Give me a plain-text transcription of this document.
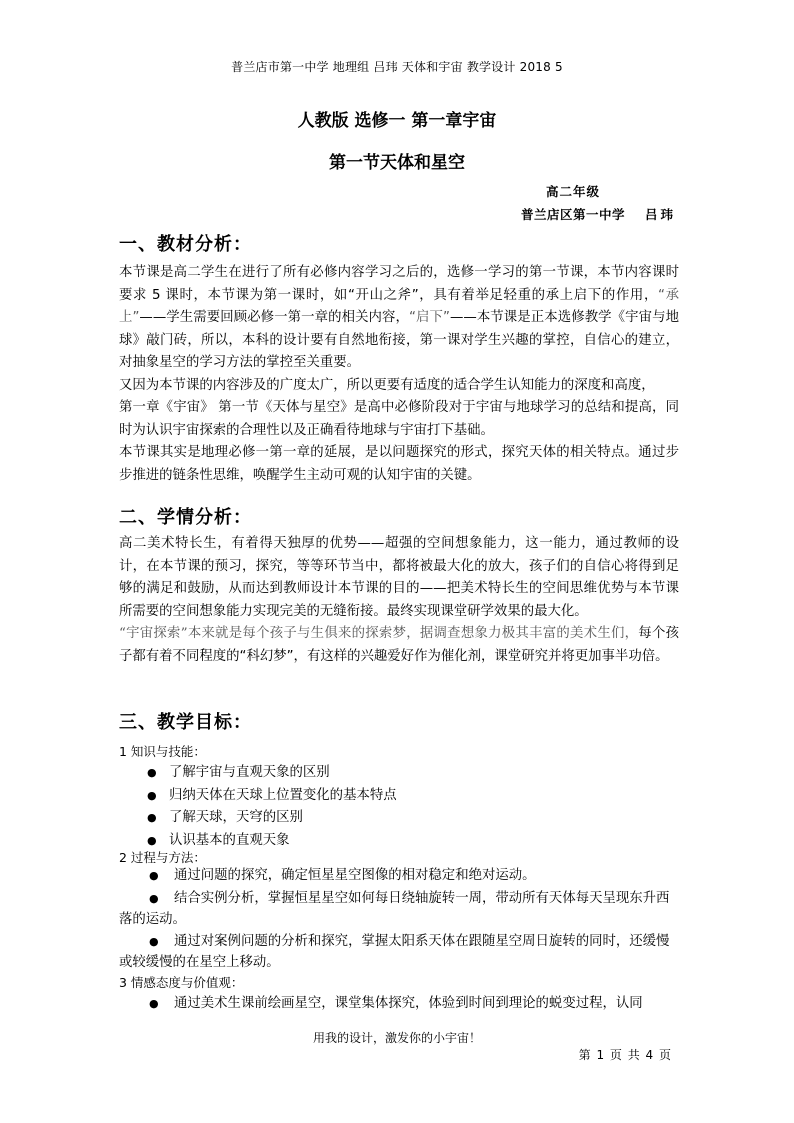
普兰店市第一中学 地理组 吕玮 天体和宇宙 教学设计 2018 5
人教版 选修一 第一章宇宙
第一节天体和星空
高二年级
普兰店区第一中学 吕玮
一、教材分析：

本节课是高二学生在进行了所有必修内容学习之后的，选修一学习的第一节课，本节内容课时要求 5 课时，本节课为第一课时，如“开山之斧”，具有着举足轻重的承上启下的作用，“承上”——学生需要回顾必修一第一章的相关内容，“启下”——本节课是正本选修教学《宇宙与地球》敲门砖，所以，本科的设计要有自然地衔接，第一课对学生兴趣的掌控，自信心的建立，对抽象星空的学习方法的掌控至关重要。

又因为本节课的内容涉及的广度太广，所以更要有适度的适合学生认知能力的深度和高度，

第一章《宇宙》 第一节《天体与星空》是高中必修阶段对于宇宙与地球学习的总结和提高，同时为认识宇宙探索的合理性以及正确看待地球与宇宙打下基础。

本节课其实是地理必修一第一章的延展，是以问题探究的形式，探究天体的相关特点。通过步步推进的链条性思维，唤醒学生主动可观的认知宇宙的关键。

二、学情分析：

高二美术特长生，有着得天独厚的优势——超强的空间想象能力，这一能力，通过教师的设计，在本节课的预习，探究，等等环节当中，都将被最大化的放大，孩子们的自信心将得到足够的满足和鼓励，从而达到教师设计本节课的目的——把美术特长生的空间思维优势与本节课所需要的空间想象能力实现完美的无缝衔接。最终实现课堂研学效果的最大化。

“宇宙探索”本来就是每个孩子与生俱来的探索梦，据调查想象力极其丰富的美术生们，每个孩子都有着不同程度的“科幻梦”，有这样的兴趣爱好作为催化剂，课堂研究并将更加事半功倍。

三、教学目标：
1 知识与技能：
● 了解宇宙与直观天象的区别
● 归纳天体在天球上位置变化的基本特点
● 了解天球，天穹的区别
● 认识基本的直观天象
2 过程与方法：
● 通过问题的探究，确定恒星星空图像的相对稳定和绝对运动。
● 结合实例分析，掌握恒星星空如何每日绕轴旋转一周，带动所有天体每天呈现东升西落的运动。
● 通过对案例问题的分析和探究，掌握太阳系天体在跟随星空周日旋转的同时，还缓慢或较缓慢的在星空上移动。
3 情感态度与价值观：
● 通过美术生课前绘画星空，课堂集体探究，体验到时间到理论的蜕变过程，认同
用我的设计，激发你的小宇宙！
第 1 页 共 4 页
